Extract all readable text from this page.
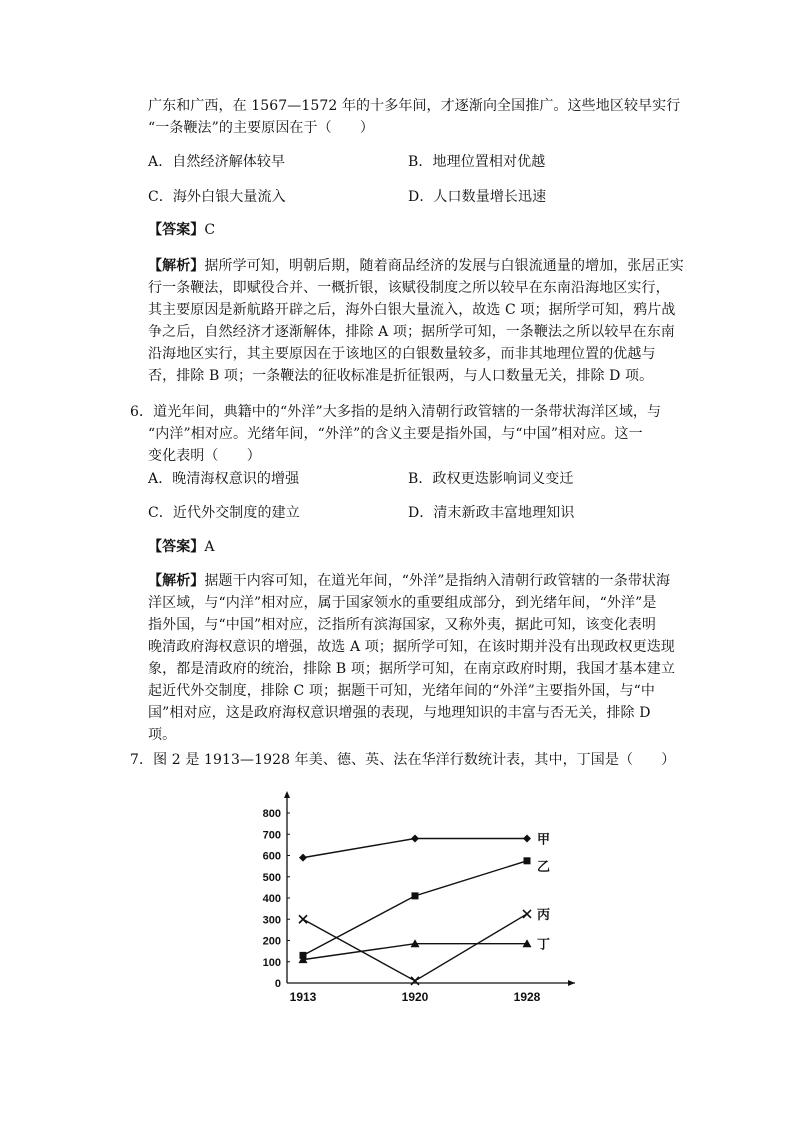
广东和广西，在 1567—1572 年的十多年间，才逐渐向全国推广。这些地区较早实行
“一条鞭法”的主要原因在于（　　）
A．自然经济解体较早	B．地理位置相对优越
C．海外白银大量流入	D．人口数量增长迅速
【答案】C
【解析】据所学可知，明朝后期，随着商品经济的发展与白银流通量的增加，张居正实
行一条鞭法，即赋役合并、一概折银，该赋役制度之所以较早在东南沿海地区实行，
其主要原因是新航路开辟之后，海外白银大量流入，故选 C 项；据所学可知，鸦片战
争之后，自然经济才逐渐解体，排除 A 项；据所学可知，一条鞭法之所以较早在东南
沿海地区实行，其主要原因在于该地区的白银数量较多，而非其地理位置的优越与
否，排除 B 项；一条鞭法的征收标准是折征银两，与人口数量无关，排除 D 项。
6．道光年间，典籍中的“外洋”大多指的是纳入清朝行政管辖的一条带状海洋区域，与
“内洋”相对应。光绪年间，“外洋”的含义主要是指外国，与“中国”相对应。这一
变化表明（　　）
A．晚清海权意识的增强	B．政权更迭影响词义变迁
C．近代外交制度的建立	D．清末新政丰富地理知识
【答案】A
【解析】据题干内容可知，在道光年间，“外洋”是指纳入清朝行政管辖的一条带状海
洋区域，与“内洋”相对应，属于国家领水的重要组成部分，到光绪年间，“外洋”是
指外国，与“中国”相对应，泛指所有滨海国家，又称外夷，据此可知，该变化表明
晚清政府海权意识的增强，故选 A 项；据所学可知，在该时期并没有出现政权更迭现
象，都是清政府的统治，排除 B 项；据所学可知，在南京政府时期，我国才基本建立
起近代外交制度，排除 C 项；据题干可知，光绪年间的“外洋”主要指外国，与“中
国”相对应，这是政府海权意识增强的表现，与地理知识的丰富与否无关，排除 D
项。
7．图 2 是 1913—1928 年美、德、英、法在华洋行数统计表，其中，丁国是（　　）
0
100
200
300
400
500
600
700
800
1913	1920	1928
甲
乙
丙
丁
